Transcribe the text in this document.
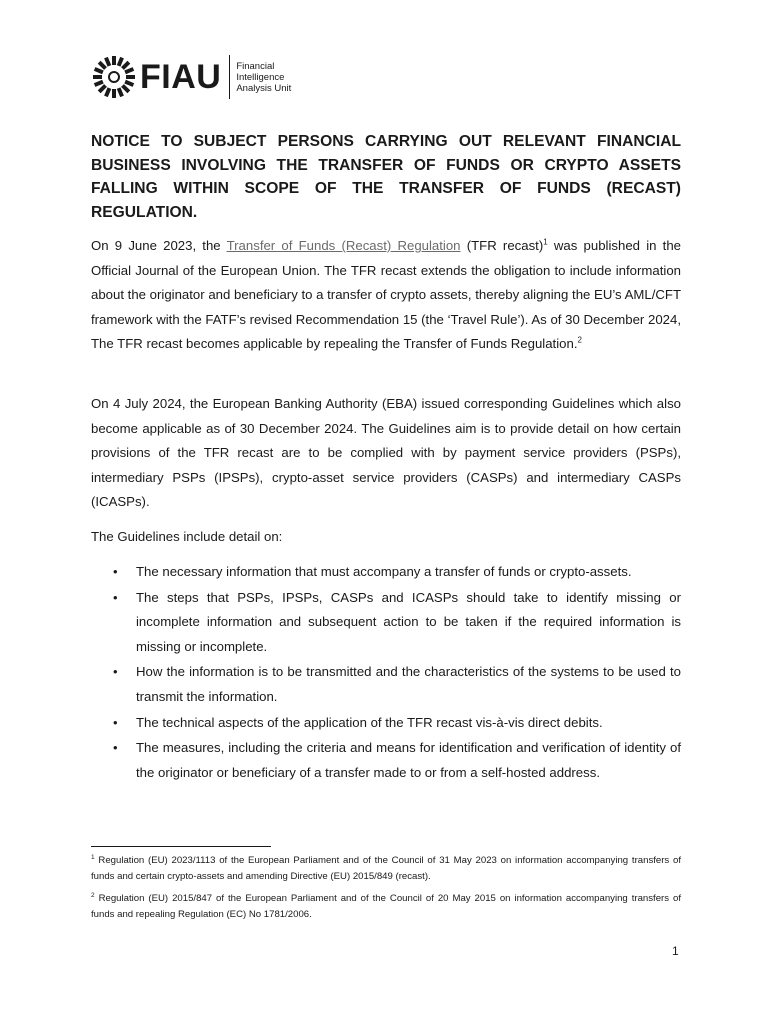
FIAU Financial
Intelligence
Analysis Unit
NOTICE TO SUBJECT PERSONS CARRYING OUT RELEVANT FINANCIAL BUSINESS INVOLVING THE TRANSFER OF FUNDS OR CRYPTO ASSETS FALLING WITHIN SCOPE OF THE TRANSFER OF FUNDS (RECAST) REGULATION.

On 9 June 2023, the Transfer of Funds (Recast) Regulation (TFR recast)$^1$ was published in the Official Journal of the European Union. The TFR recast extends the obligation to include information about the originator and beneficiary to a transfer of crypto assets, thereby aligning the EU’s AML/CFT framework with the FATF’s revised Recommendation 15 (the ‘Travel Rule’). As of 30 December 2024, The TFR recast becomes applicable by repealing the Transfer of Funds Regulation.$^2$

On 4 July 2024, the European Banking Authority (EBA) issued corresponding Guidelines which also become applicable as of 30 December 2024. The Guidelines aim is to provide detail on how certain provisions of the TFR recast are to be complied with by payment service providers (PSPs), intermediary PSPs (IPSPs), crypto-asset service providers (CASPs) and intermediary CASPs (ICASPs).

The Guidelines include detail on:

• The necessary information that must accompany a transfer of funds or crypto-assets.
• The steps that PSPs, IPSPs, CASPs and ICASPs should take to identify missing or incomplete information and subsequent action to be taken if the required information is missing or incomplete.
• How the information is to be transmitted and the characteristics of the systems to be used to transmit the information.
• The technical aspects of the application of the TFR recast vis-à-vis direct debits.
• The measures, including the criteria and means for identification and verification of identity of the originator or beneficiary of a transfer made to or from a self-hosted address.

$^1$ Regulation (EU) 2023/1113 of the European Parliament and of the Council of 31 May 2023 on information accompanying transfers of funds and certain crypto-assets and amending Directive (EU) 2015/849 (recast).

$^2$ Regulation (EU) 2015/847 of the European Parliament and of the Council of 20 May 2015 on information accompanying transfers of funds and repealing Regulation (EC) No 1781/2006.

1
